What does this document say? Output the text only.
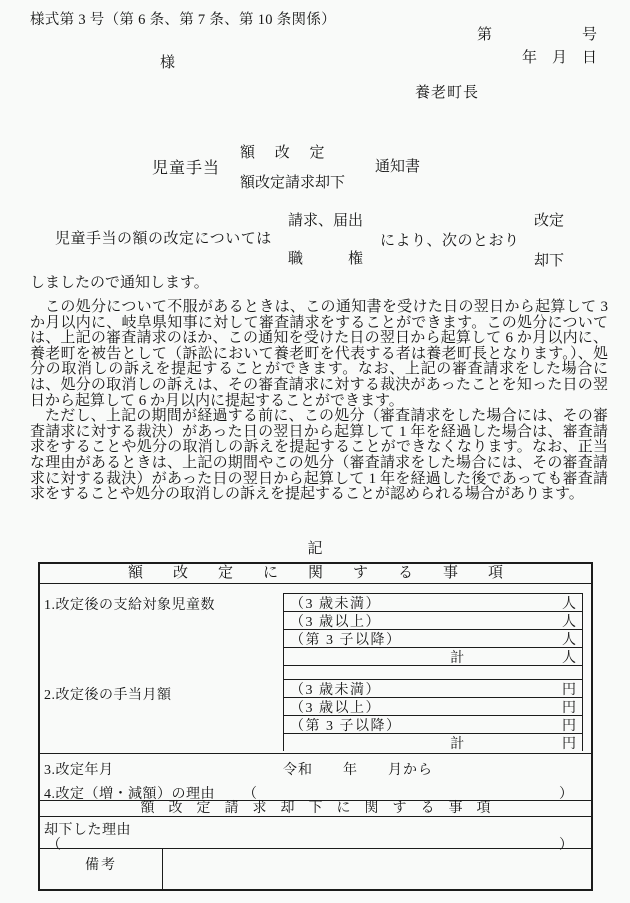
様式第 3 号（第 6 条、第 7 条、第 10 条関係）
第	号
年　月　日
様
養老町長
児童手当
額 改 定
額改定請求却下
通知書
児童手当の額の改定については
請求、届出
職　　　権
により、次のとおり
改定
却下
しましたので通知します。

この処分について不服があるときは、この通知書を受けた日の翌日から起算して 3 か月以内に、岐阜県知事に対して審査請求をすることができます。この処分については、上記の審査請求のほか、この通知を受けた日の翌日から起算して 6 か月以内に、養老町を被告として（訴訟において養老町を代表する者は養老町長となります。）、処分の取消しの訴えを提起することができます。なお、上記の審査請求をした場合には、処分の取消しの訴えは、その審査請求に対する裁決があったことを知った日の翌日から起算して 6 か月以内に提起することができます。

ただし、上記の期間が経過する前に、この処分（審査請求をした場合には、その審査請求に対する裁決）があった日の翌日から起算して 1 年を経過した場合は、審査請求をすることや処分の取消しの訴えを提起することができなくなります。なお、正当な理由があるときは、上記の期間やこの処分（審査請求をした場合には、その審査請求に対する裁決）があった日の翌日から起算して 1 年を経過した後であっても審査請求をすることや処分の取消しの訴えを提起することが認められる場合があります。

記
額　　改　　定　　に　　関　　す　　る　　事　　項
1.改定後の支給対象児童数
2.改定後の手当月額
（3 歳未満）	人
（3 歳以上）	人
（第 3 子以降）	人
計	人
（3 歳未満）	円
（3 歳以上）	円
（第 3 子以降）	円
計	円
3.改定年月	令和　　年　　月から
4.改定（増・減額）の理由 （	）
額　改　定　請　求　却　下　に　関　す　る　事　項
却下した理由
（	）
備考
